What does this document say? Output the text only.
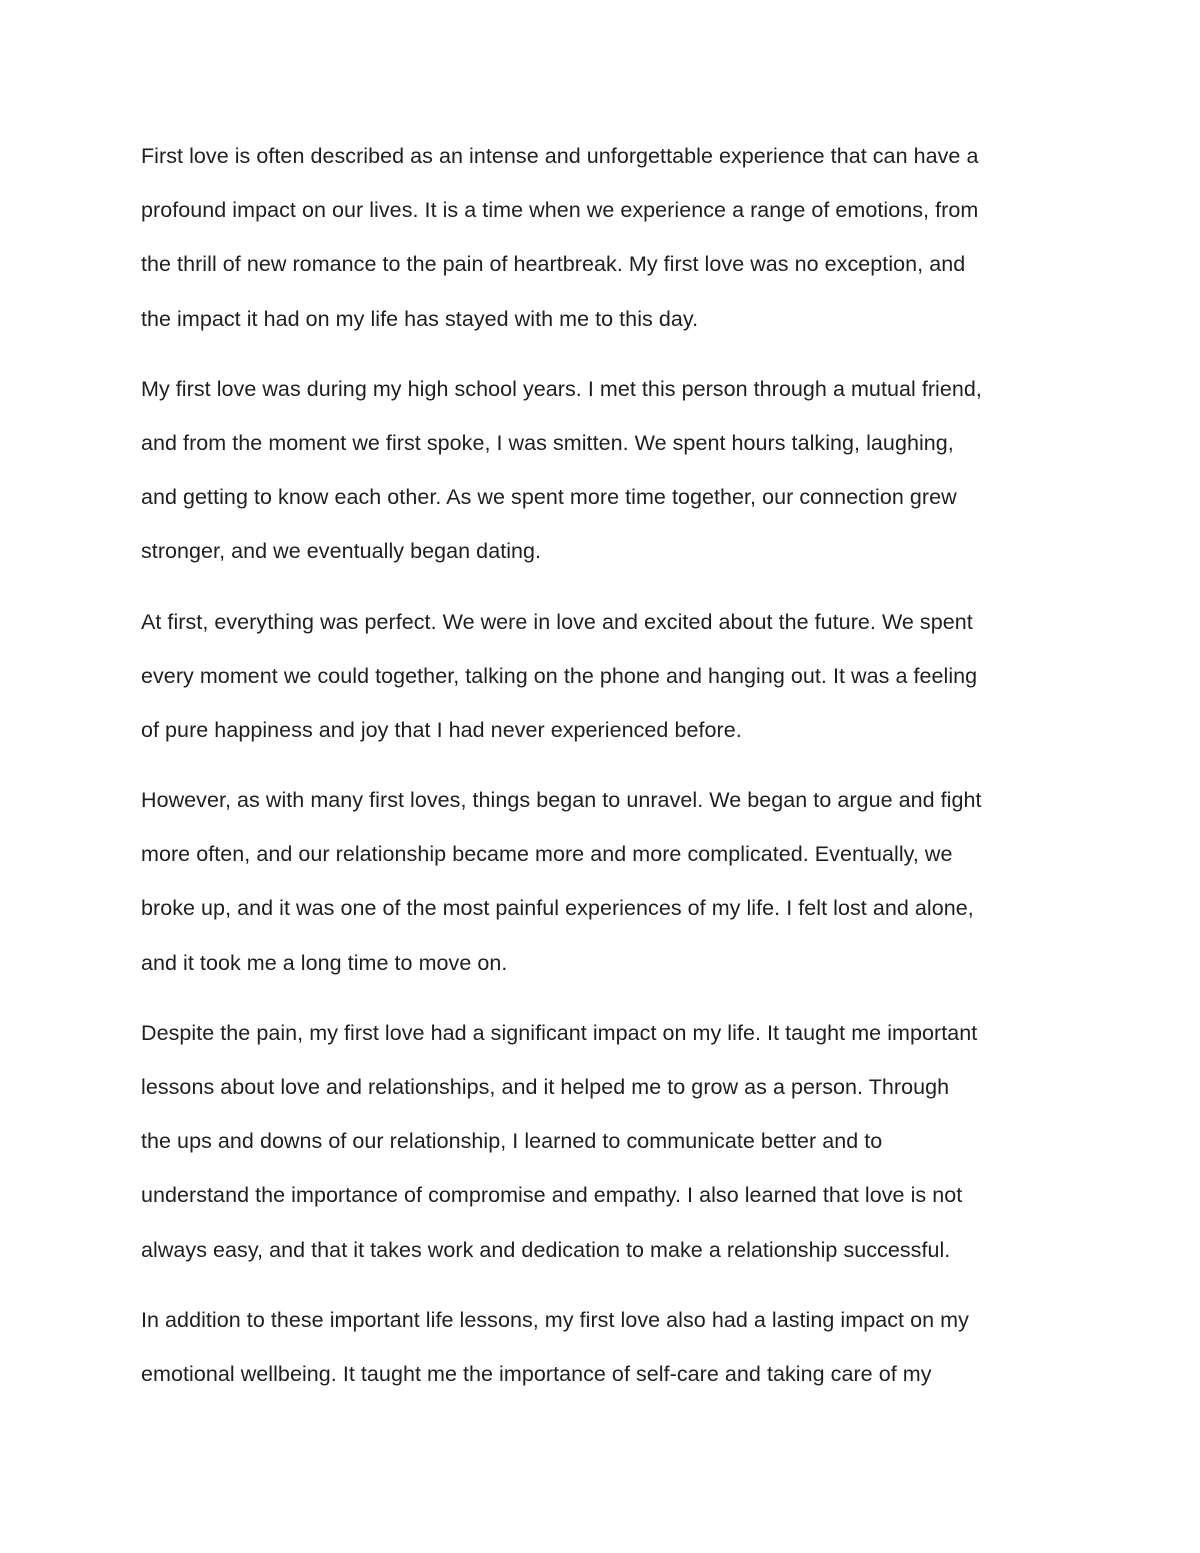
First love is often described as an intense and unforgettable experience that can have a
profound impact on our lives. It is a time when we experience a range of emotions, from
the thrill of new romance to the pain of heartbreak. My first love was no exception, and
the impact it had on my life has stayed with me to this day.

My first love was during my high school years. I met this person through a mutual friend,
and from the moment we first spoke, I was smitten. We spent hours talking, laughing,
and getting to know each other. As we spent more time together, our connection grew
stronger, and we eventually began dating.

At first, everything was perfect. We were in love and excited about the future. We spent
every moment we could together, talking on the phone and hanging out. It was a feeling
of pure happiness and joy that I had never experienced before.

However, as with many first loves, things began to unravel. We began to argue and fight
more often, and our relationship became more and more complicated. Eventually, we
broke up, and it was one of the most painful experiences of my life. I felt lost and alone,
and it took me a long time to move on.

Despite the pain, my first love had a significant impact on my life. It taught me important
lessons about love and relationships, and it helped me to grow as a person. Through
the ups and downs of our relationship, I learned to communicate better and to
understand the importance of compromise and empathy. I also learned that love is not
always easy, and that it takes work and dedication to make a relationship successful.

In addition to these important life lessons, my first love also had a lasting impact on my
emotional wellbeing. It taught me the importance of self-care and taking care of my
